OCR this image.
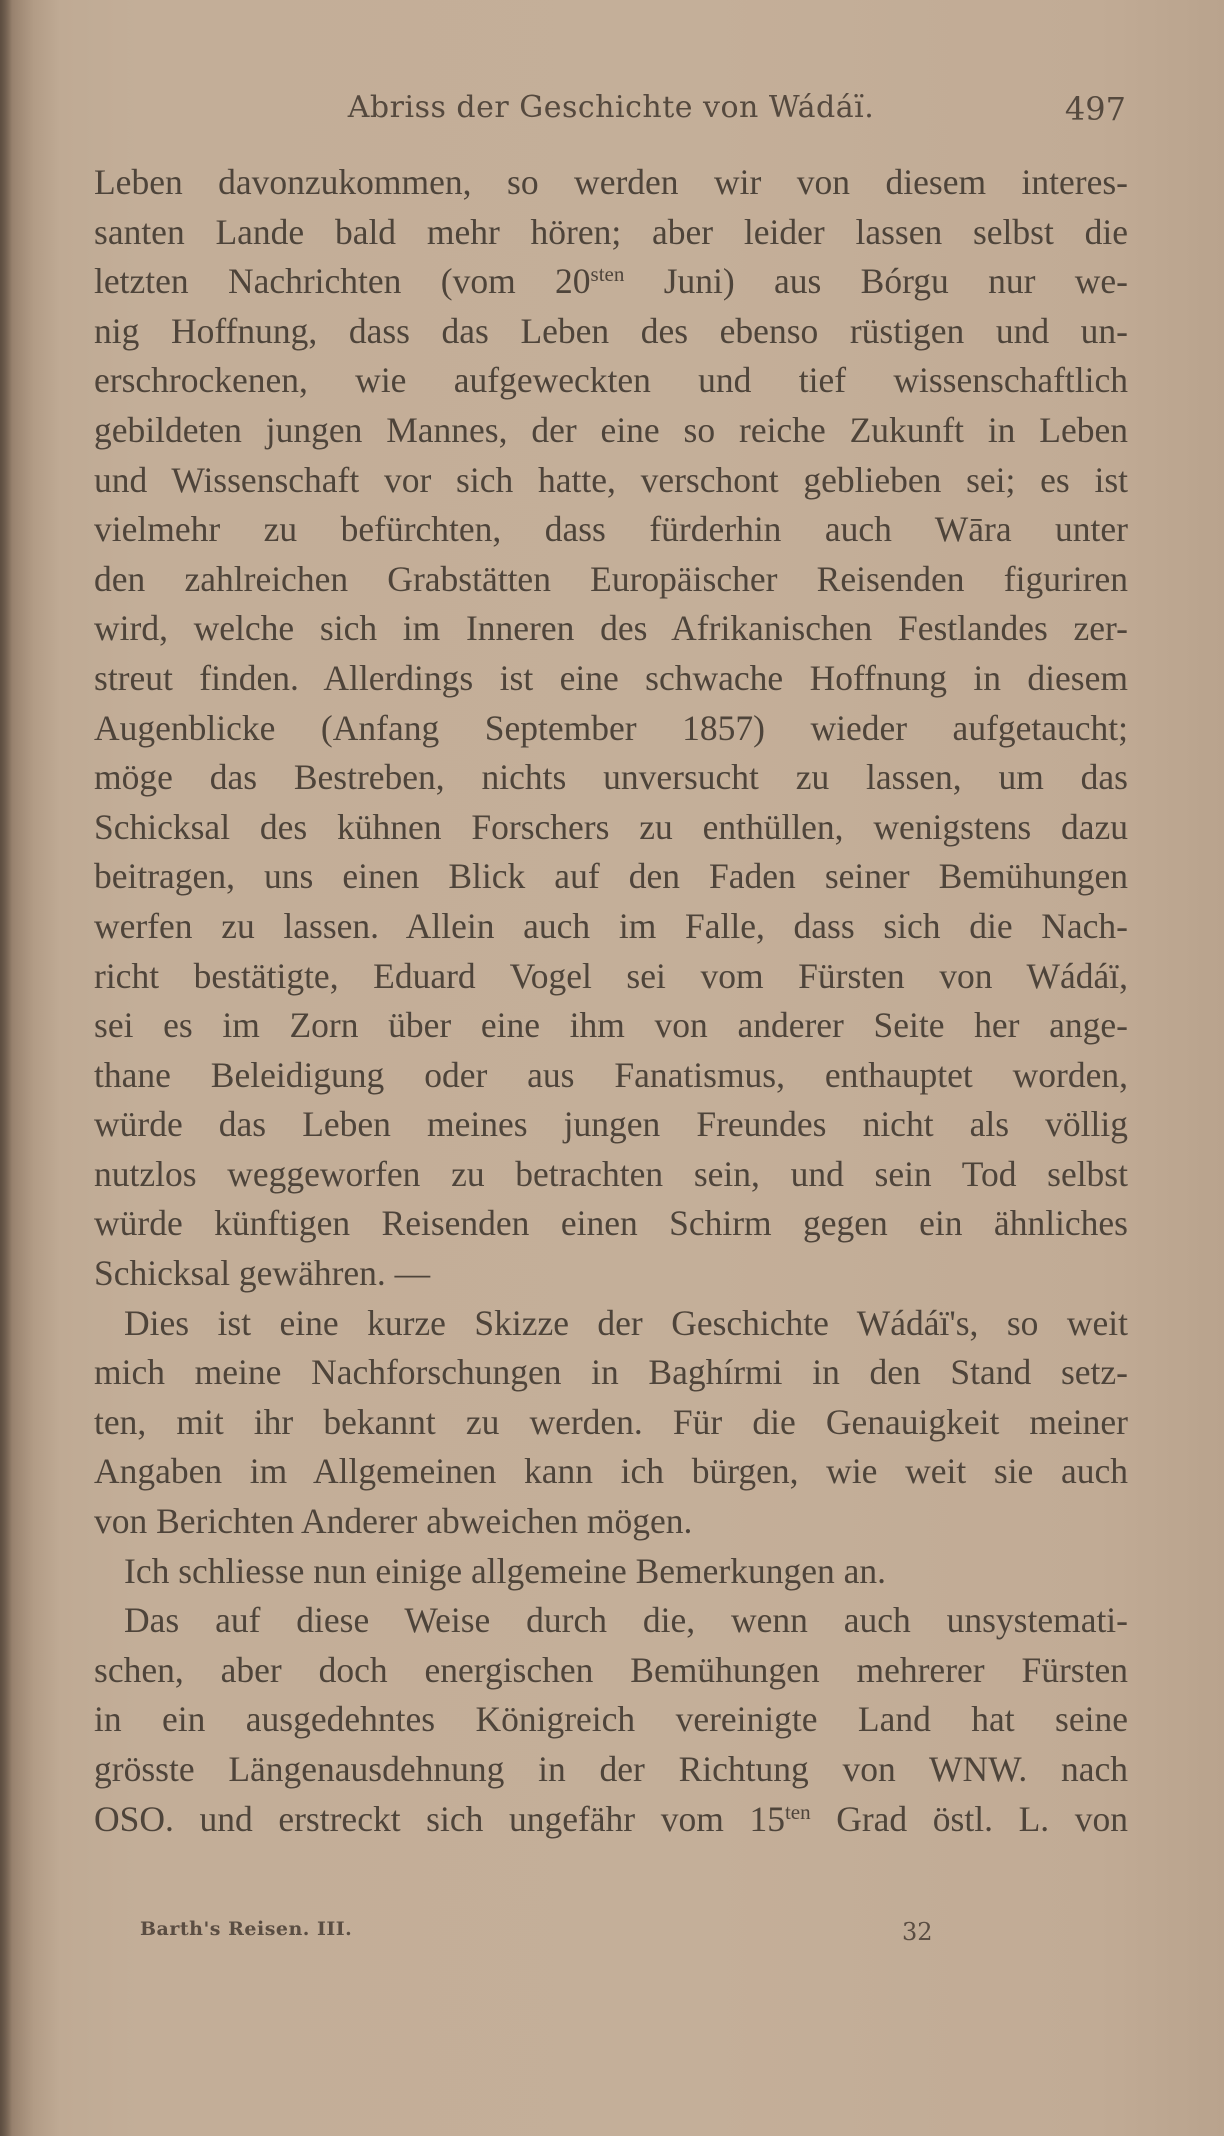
Abriss der Geschichte von Wádáï.	497
Leben davonzukommen, so werden wir von diesem interes-
santen Lande bald mehr hören; aber leider lassen selbst die
letzten Nachrichten (vom $20^{sten}$ Juni) aus Bórgu nur we-
nig Hoffnung, dass das Leben des ebenso rüstigen und un-
erschrockenen, wie aufgeweckten und tief wissenschaftlich
gebildeten jungen Mannes, der eine so reiche Zukunft in Leben
und Wissenschaft vor sich hatte, verschont geblieben sei; es ist
vielmehr zu befürchten, dass fürderhin auch Wāra unter
den zahlreichen Grabstätten Europäischer Reisenden figuriren
wird, welche sich im Inneren des Afrikanischen Festlandes zer-
streut finden. Allerdings ist eine schwache Hoffnung in diesem
Augenblicke (Anfang September 1857) wieder aufgetaucht;
möge das Bestreben, nichts unversucht zu lassen, um das
Schicksal des kühnen Forschers zu enthüllen, wenigstens dazu
beitragen, uns einen Blick auf den Faden seiner Bemühungen
werfen zu lassen. Allein auch im Falle, dass sich die Nach-
richt bestätigte, Eduard Vogel sei vom Fürsten von Wádáï,
sei es im Zorn über eine ihm von anderer Seite her ange-
thane Beleidigung oder aus Fanatismus, enthauptet worden,
würde das Leben meines jungen Freundes nicht als völlig
nutzlos weggeworfen zu betrachten sein, und sein Tod selbst
würde künftigen Reisenden einen Schirm gegen ein ähnliches
Schicksal gewähren. —
Dies ist eine kurze Skizze der Geschichte Wádáï's, so weit
mich meine Nachforschungen in Baghírmi in den Stand setz-
ten, mit ihr bekannt zu werden. Für die Genauigkeit meiner
Angaben im Allgemeinen kann ich bürgen, wie weit sie auch
von Berichten Anderer abweichen mögen.
Ich schliesse nun einige allgemeine Bemerkungen an.
Das auf diese Weise durch die, wenn auch unsystemati-
schen, aber doch energischen Bemühungen mehrerer Fürsten
in ein ausgedehntes Königreich vereinigte Land hat seine
grösste Längenausdehnung in der Richtung von WNW. nach
OSO. und erstreckt sich ungefähr vom $15^{ten}$ Grad östl. L. von
Barth's Reisen. III.	32
